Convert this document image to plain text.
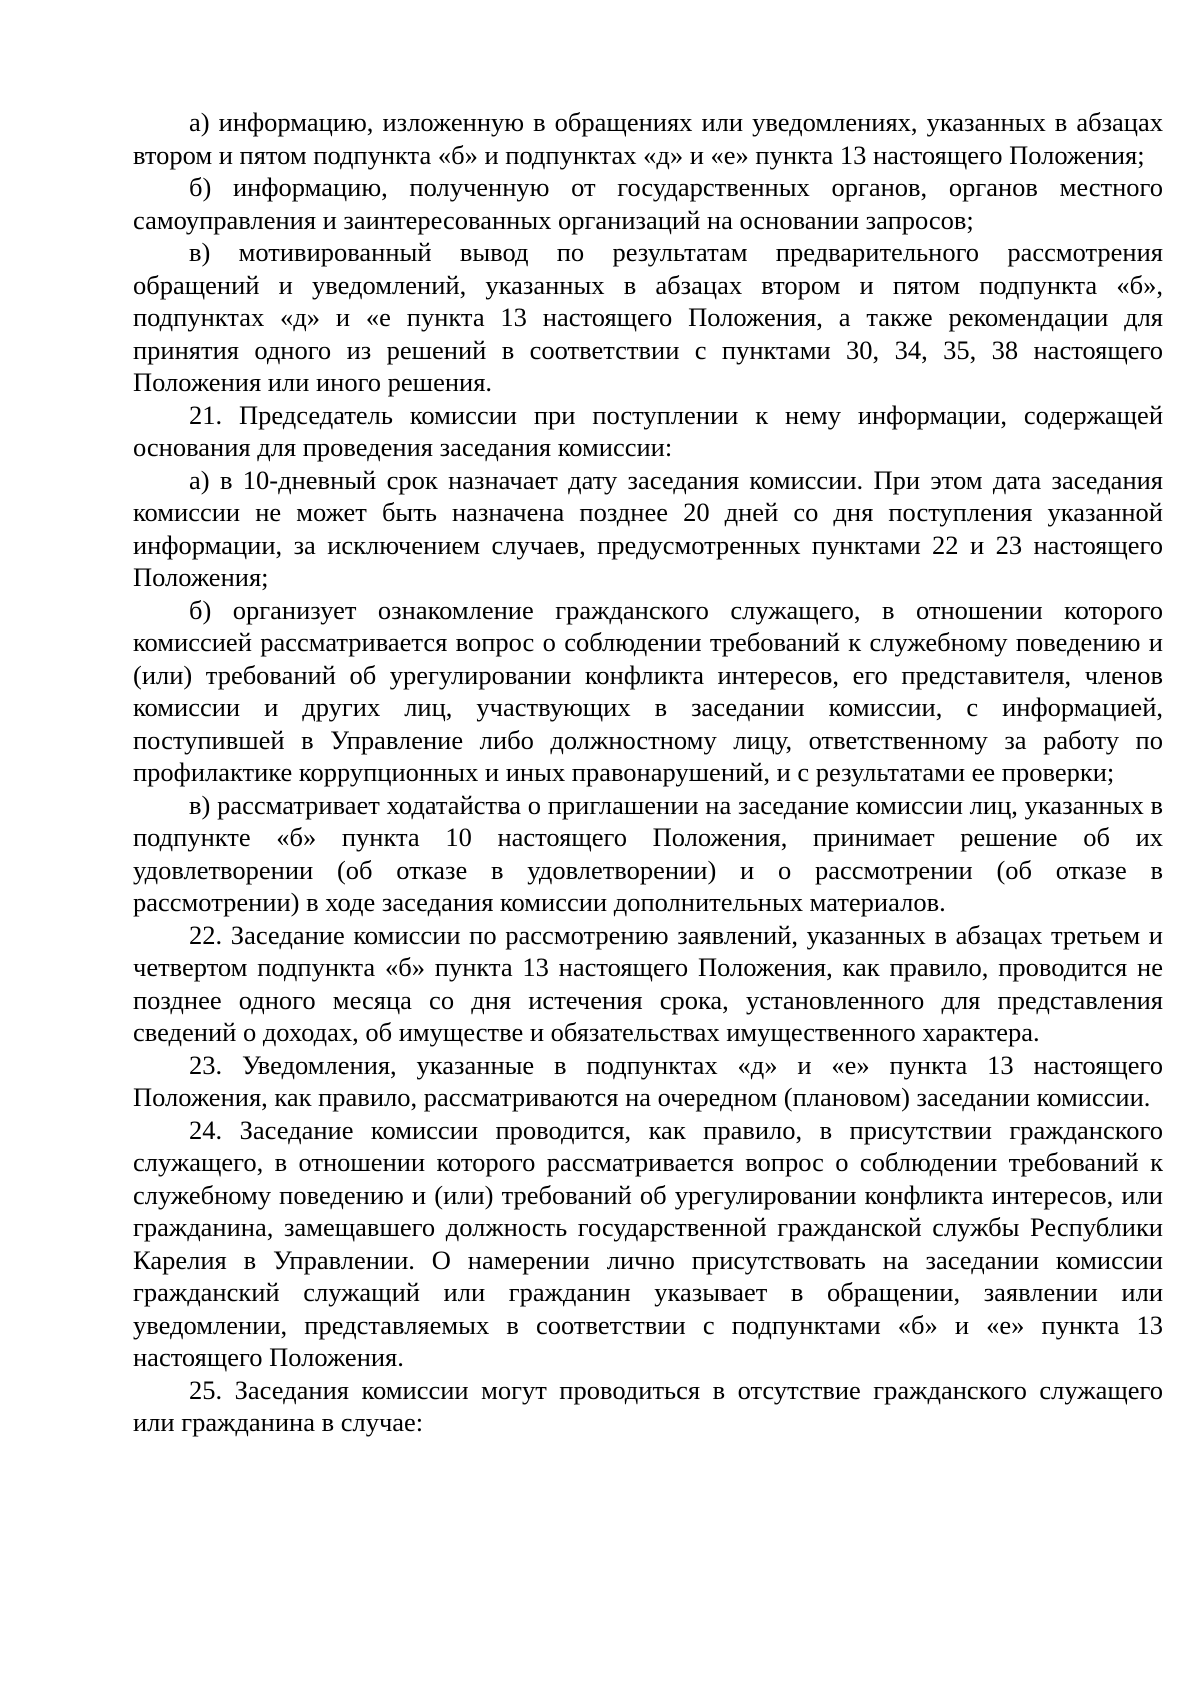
а) информацию, изложенную в обращениях или уведомлениях, указанных в абзацах втором и пятом подпункта «б» и подпунктах «д» и «е» пункта 13 настоящего Положения;

б) информацию, полученную от государственных органов, органов местного самоуправления и заинтересованных организаций на основании запросов;

в) мотивированный вывод по результатам предварительного рассмотрения обращений и уведомлений, указанных в абзацах втором и пятом подпункта «б», подпунктах «д» и «е пункта 13 настоящего Положения, а также рекомендации для принятия одного из решений в соответствии с пунктами 30, 34, 35, 38 настоящего Положения или иного решения.

21. Председатель комиссии при поступлении к нему информации, содержащей основания для проведения заседания комиссии:

а) в 10-дневный срок назначает дату заседания комиссии. При этом дата заседания комиссии не может быть назначена позднее 20 дней со дня поступления указанной информации, за исключением случаев, предусмотренных пунктами 22 и 23 настоящего Положения;

б) организует ознакомление гражданского служащего, в отношении которого комиссией рассматривается вопрос о соблюдении требований к служебному поведению и (или) требований об урегулировании конфликта интересов, его представителя, членов комиссии и других лиц, участвующих в заседании комиссии, с информацией, поступившей в Управление либо должностному лицу, ответственному за работу по профилактике коррупционных и иных правонарушений, и с результатами ее проверки;

в) рассматривает ходатайства о приглашении на заседание комиссии лиц, указанных в подпункте «б» пункта 10 настоящего Положения, принимает решение об их удовлетворении (об отказе в удовлетворении) и о рассмотрении (об отказе в рассмотрении) в ходе заседания комиссии дополнительных материалов.

22. Заседание комиссии по рассмотрению заявлений, указанных в абзацах третьем и четвертом подпункта «б» пункта 13 настоящего Положения, как правило, проводится не позднее одного месяца со дня истечения срока, установленного для представления сведений о доходах, об имуществе и обязательствах имущественного характера.

23. Уведомления, указанные в подпунктах «д» и «е» пункта 13 настоящего Положения, как правило, рассматриваются на очередном (плановом) заседании комиссии.

24. Заседание комиссии проводится, как правило, в присутствии гражданского служащего, в отношении которого рассматривается вопрос о соблюдении требований к служебному поведению и (или) требований об урегулировании конфликта интересов, или гражданина, замещавшего должность государственной гражданской службы Республики Карелия в Управлении. О намерении лично присутствовать на заседании комиссии гражданский служащий или гражданин указывает в обращении, заявлении или уведомлении, представляемых в соответствии с подпунктами «б» и «е» пункта 13 настоящего Положения.

25. Заседания комиссии могут проводиться в отсутствие гражданского служащего или гражданина в случае:
